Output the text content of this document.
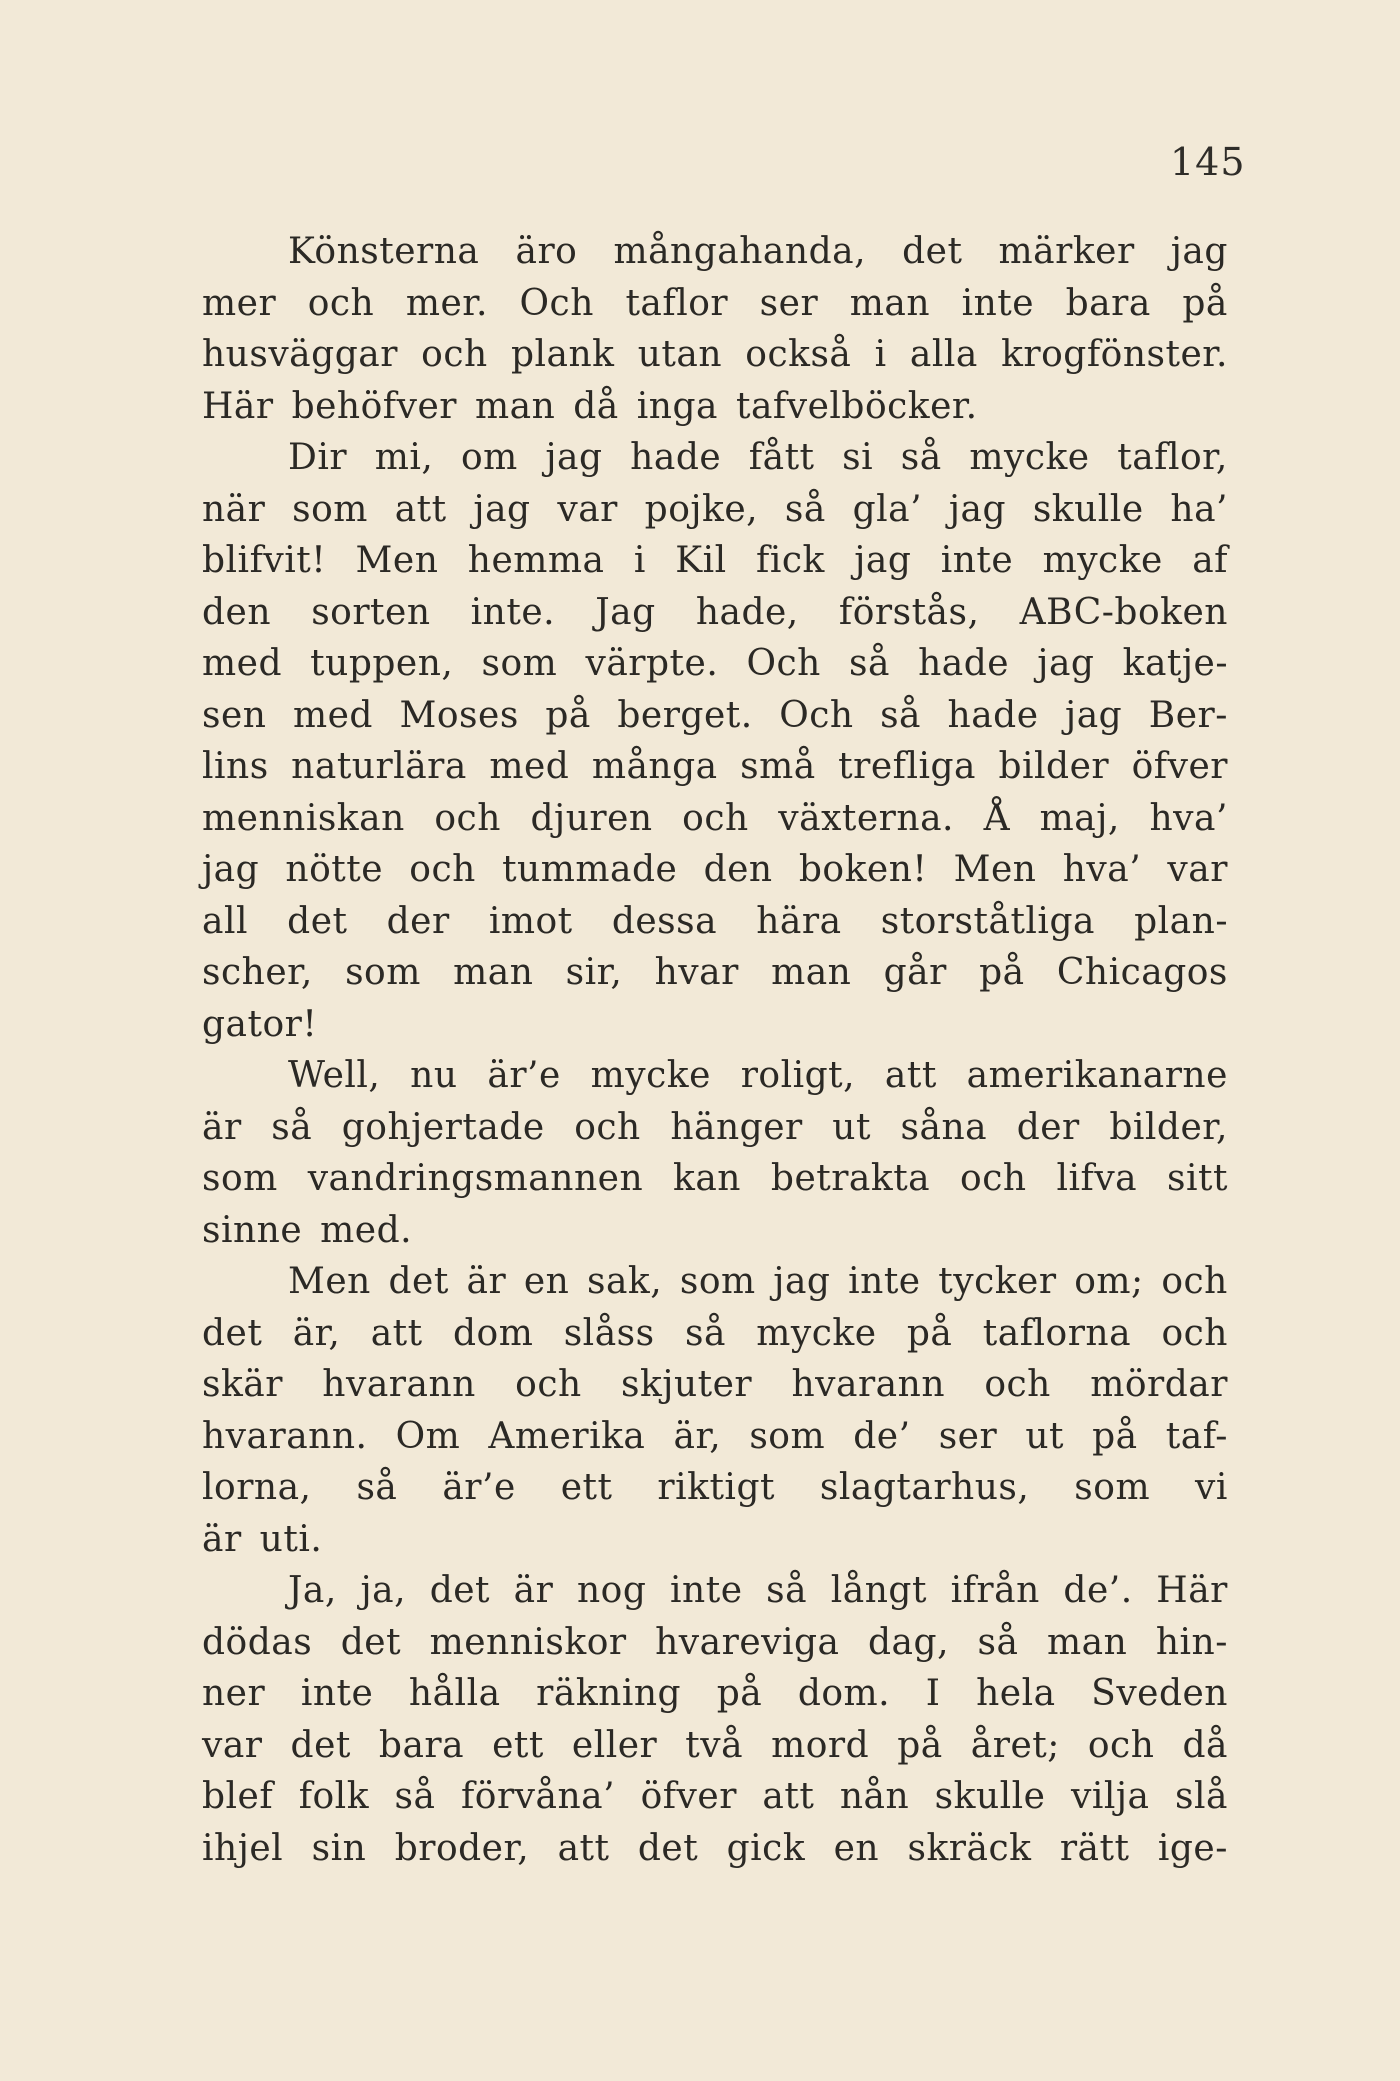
145
Könsterna äro mångahanda, det märker jag
mer och mer. Och taflor ser man inte bara på
husväggar och plank utan också i alla krogfönster.
Här behöfver man då inga tafvelböcker.
Dir mi, om jag hade fått si så mycke taflor,
när som att jag var pojke, så gla’ jag skulle ha’
blifvit! Men hemma i Kil fick jag inte mycke af
den sorten inte. Jag hade, förstås, ABC-boken
med tuppen, som värpte. Och så hade jag katje-
sen med Moses på berget. Och så hade jag Ber-
lins naturlära med många små trefliga bilder öfver
menniskan och djuren och växterna. Å maj, hva’
jag nötte och tummade den boken! Men hva’ var
all det der imot dessa hära storståtliga plan-
scher, som man sir, hvar man går på Chicagos
gator!
Well, nu är’e mycke roligt, att amerikanarne
är så gohjertade och hänger ut såna der bilder,
som vandringsmannen kan betrakta och lifva sitt
sinne med.
Men det är en sak, som jag inte tycker om; och
det är, att dom slåss så mycke på taflorna och
skär hvarann och skjuter hvarann och mördar
hvarann. Om Amerika är, som de’ ser ut på taf-
lorna, så är’e ett riktigt slagtarhus, som vi
är uti.
Ja, ja, det är nog inte så långt ifrån de’. Här
dödas det menniskor hvareviga dag, så man hin-
ner inte hålla räkning på dom. I hela Sveden
var det bara ett eller två mord på året; och då
blef folk så förvåna’ öfver att nån skulle vilja slå
ihjel sin broder, att det gick en skräck rätt ige-
